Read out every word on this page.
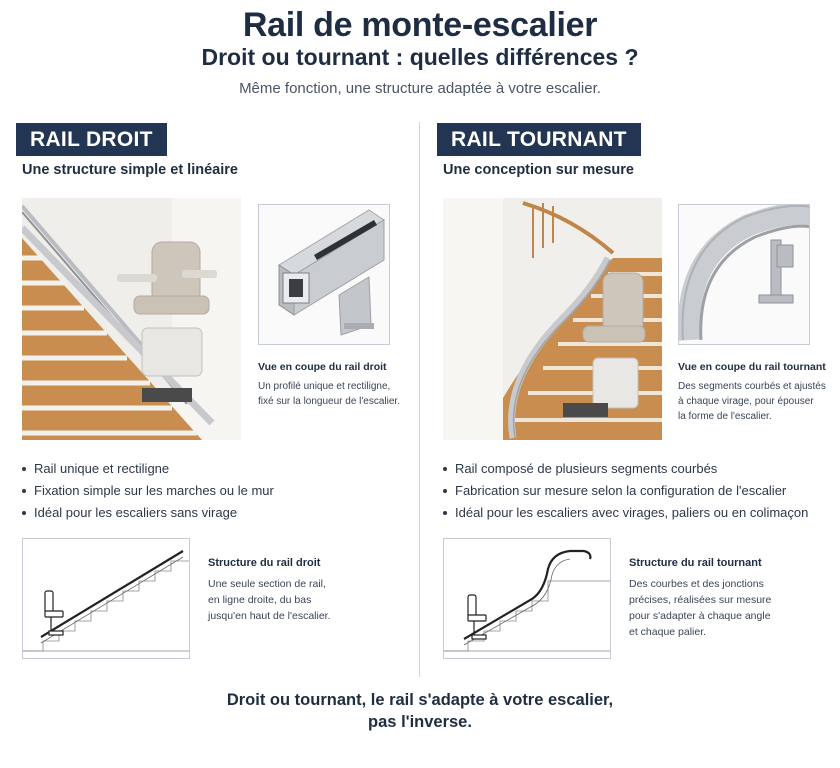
Rail de monte-escalier
Droit ou tournant : quelles différences ?
Même fonction, une structure adaptée à votre escalier.
RAIL DROIT
Une structure simple et linéaire
Vue en coupe du rail droit
Un profilé unique et rectiligne,
fixé sur la longueur de l'escalier.
Rail unique et rectiligne
Fixation simple sur les marches ou le mur
Idéal pour les escaliers sans virage
Structure du rail droit
Une seule section de rail,
en ligne droite, du bas
jusqu'en haut de l'escalier.
RAIL TOURNANT
Une conception sur mesure
Vue en coupe du rail tournant
Des segments courbés et ajustés
à chaque virage, pour épouser
la forme de l'escalier.
Rail composé de plusieurs segments courbés
Fabrication sur mesure selon la configuration de l'escalier
Idéal pour les escaliers avec virages, paliers ou en colimaçon
Structure du rail tournant
Des courbes et des jonctions
précises, réalisées sur mesure
pour s'adapter à chaque angle
et chaque palier.
Droit ou tournant, le rail s'adapte à votre escalier,
pas l'inverse.
